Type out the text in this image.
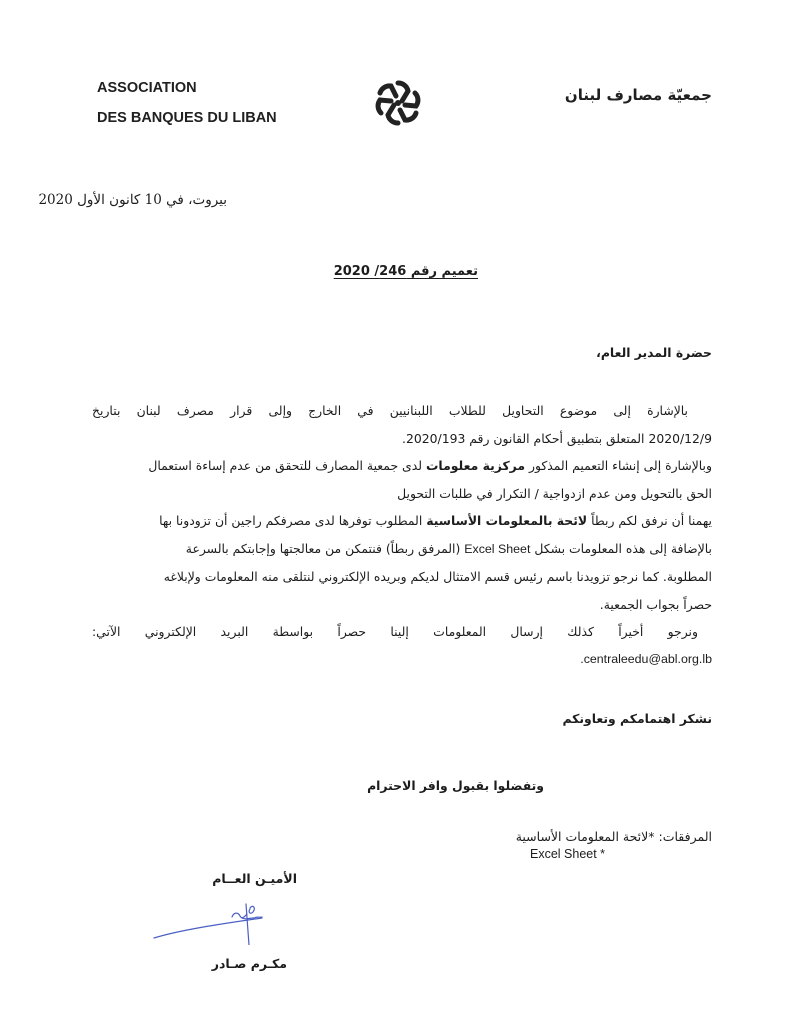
ASSOCIATION
DES BANQUES DU LIBAN
جمعيّة مصارف لبنان
بيروت، في 10 كانون الأول 2020
تعميم رقم 246/ 2020
حضرة المدير العام،
بالإشارة إلى موضوع التحاويل للطلاب اللبنانيين في الخارج وإلى قرار مصرف لبنان بتاريخ
2020/12/9 المتعلق بتطبيق أحكام القانون رقم 2020/193.
وبالإشارة إلى إنشاء التعميم المذكور مركزية معلومات لدى جمعية المصارف للتحقق من عدم إساءة استعمال
الحق بالتحويل ومن عدم ازدواجية / التكرار في طلبات التحويل
يهمنا أن نرفق لكم ربطاً لائحة بالمعلومات الأساسية المطلوب توفرها لدى مصرفكم راجين أن تزودونا بها
بالإضافة إلى هذه المعلومات بشكل Excel Sheet (المرفق ربطاً) فنتمكن من معالجتها وإجابتكم بالسرعة
المطلوبة. كما نرجو تزويدنا باسم رئيس قسم الامتثال لديكم وبريده الإلكتروني لنتلقى منه المعلومات ولإبلاغه
حصراً بجواب الجمعية.
ونرجو أخيراً كذلك إرسال المعلومات إلينا حصراً بواسطة البريد الإلكتروني الآتي:
.centraleedu@abl.org.lb
نشكر اهتمامكم وتعاونكم
وتفضلوا بقبول وافر الاحترام
المرفقات: *لائحة المعلومات الأساسية
Excel Sheet *
الأميـن العــام
مكـرم صـادر
